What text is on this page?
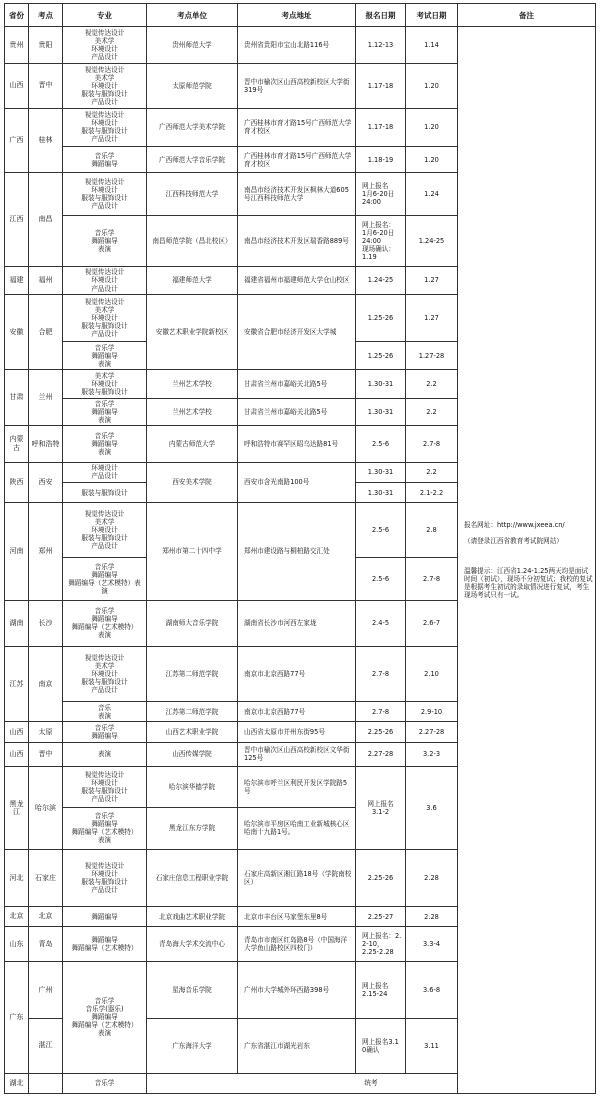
省份	考点	专业	考点单位	考点地址	报名日期	考试日期	备注
贵州	贵阳	视觉传达设计
美术学
环境设计
产品设计	贵州师范大学	贵州省贵阳市宝山北路116号	1.12-13	1.14	报名网址：http://www.jxeea.cn/

（请登录江西省教育考试院网站）

温馨提示：江西省1.24-1.25两天均是面试时间（初试），现场不分初复试；我校的复试是根据考生初试的录取情况进行复试，考生现场考试只有一试。

山西	晋中	视觉传达设计
美术学
环境设计
服装与服饰设计
产品设计	太原师范学院	晋中市榆次区山西高校新校区大学街319号	1.17-18	1.20	
广西	桂林	视觉传达设计
环境设计
服装与服饰设计
产品设计	广西师范大学美术学院	广西桂林市育才路15号广西师范大学育才校区	1.17-18	1.20	
		音乐学
舞蹈编导	广西师范大学音乐学院	广西桂林市育才路15号广西师范大学育才校区	1.18-19	1.20	
江西	南昌	视觉传达设计
环境设计
服装与服饰设计
产品设计	江西科技师范大学	南昌市经济技术开发区枫林大道605号江西科技师范大学	网上报名
1月6-20日
24:00	1.24	
		音乐学
舞蹈编导
表演	南昌师范学院（昌北校区）	南昌市经济技术开发区瑞香路889号	网上报名：
1月6-20日
24:00
现场确认：
1.19	1.24-25	
福建	福州	视觉传达设计
环境设计
产品设计	福建师范大学	福建省福州市福建师范大学仓山校区	1.24-25	1.27	
安徽	合肥	视觉传达设计
美术学
环境设计
服装与服饰设计
产品设计	安徽艺术职业学院新校区	安徽省合肥市经济开发区大学城	1.25-26	1.27	
		音乐学
舞蹈编导
表演			1.25-26	1.27-28	
甘肃	兰州	美术学
环境设计
服装与服饰设计	兰州艺术学校	甘肃省兰州市嘉峪关北路5号	1.30-31	2.2	
		音乐学
舞蹈编导
表演	兰州艺术学校	甘肃省兰州市嘉峪关北路5号	1.30-31	2.2	
内蒙古	呼和浩特	音乐学
舞蹈编导
表演	内蒙古师范大学	呼和浩特市赛罕区昭乌达路81号	2.5-6	2.7-8	
陕西	西安	环境设计
产品设计	西安美术学院	西安市含光南路100号	1.30-31	2.2	
		服装与服饰设计			1.30-31	2.1-2.2	
河南	郑州	视觉传达设计
美术学
环境设计
服装与服饰设计
产品设计	郑州市第二十四中学	郑州市建设路与桐柏路交汇处	2.5-6	2.8	
		音乐学
舞蹈编导
舞蹈编导（艺术模特）表演			2.5-6	2.7-8	
湖南	长沙	音乐学
舞蹈编导
舞蹈编导（艺术模特）
表演	湖南师大音乐学院	湖南省长沙市河西左家垅	2.4-5	2.6-7	
江苏	南京	视觉传达设计
美术学
环境设计
服装与服饰设计
产品设计	江苏第二师范学院	南京市北京西路77号	2.7-8	2.10	
		音乐
表演	江苏第二师范学院	南京市北京西路77号	2.7-8	2.9-10	
山西	太原	音乐学
舞蹈编导	山西艺术职业学院	山西省太原市并州东街95号	2.25-26	2.27-28	
山西	晋中	表演	山西传媒学院	晋中市榆次区山西高校新校区文华街125号	2.27-28	3.2-3	
黑龙江	哈尔滨	视觉传达设计
环境设计
服装与服饰设计
产品设计	哈尔滨华德学院	哈尔滨市呼兰区利民开发区学院路5号	网上报名
3.1-2	3.6	
		音乐学
舞蹈编导
舞蹈编导（艺术模特）
表演	黑龙江东方学院	哈尔滨市平房区哈南工业新城核心区哈南十九路1号。			
河北	石家庄	视觉传达设计
环境设计
服装与服饰设计
产品设计	石家庄信息工程职业学院	石家庄高新区湘江路18号（学院南校区）	2.25-26	2.28	
北京	北京	舞蹈编导	北京戏曲艺术职业学院	北京市丰台区马家堡东里8号	2.25-27	2.28	
山东	青岛	舞蹈编导
舞蹈编导（艺术模特）	青岛海大学术交流中心	青岛市市南区红岛路8号（中国海洋大学鱼山路校区四校门）	网上报名：2.2-10，
2.25-2.28	3.3-4	
广东	广州	音乐学
音乐学(器乐)
舞蹈编导
舞蹈编导（艺术模特）
表演	星海音乐学院	广州市大学城外环西路398号	网上报名
2.15-24	3.6-8	
	湛江		广东海洋大学	广东省湛江市湖光岩东	网上报名3.10确认	3.11	
湖北		音乐学	统考				
